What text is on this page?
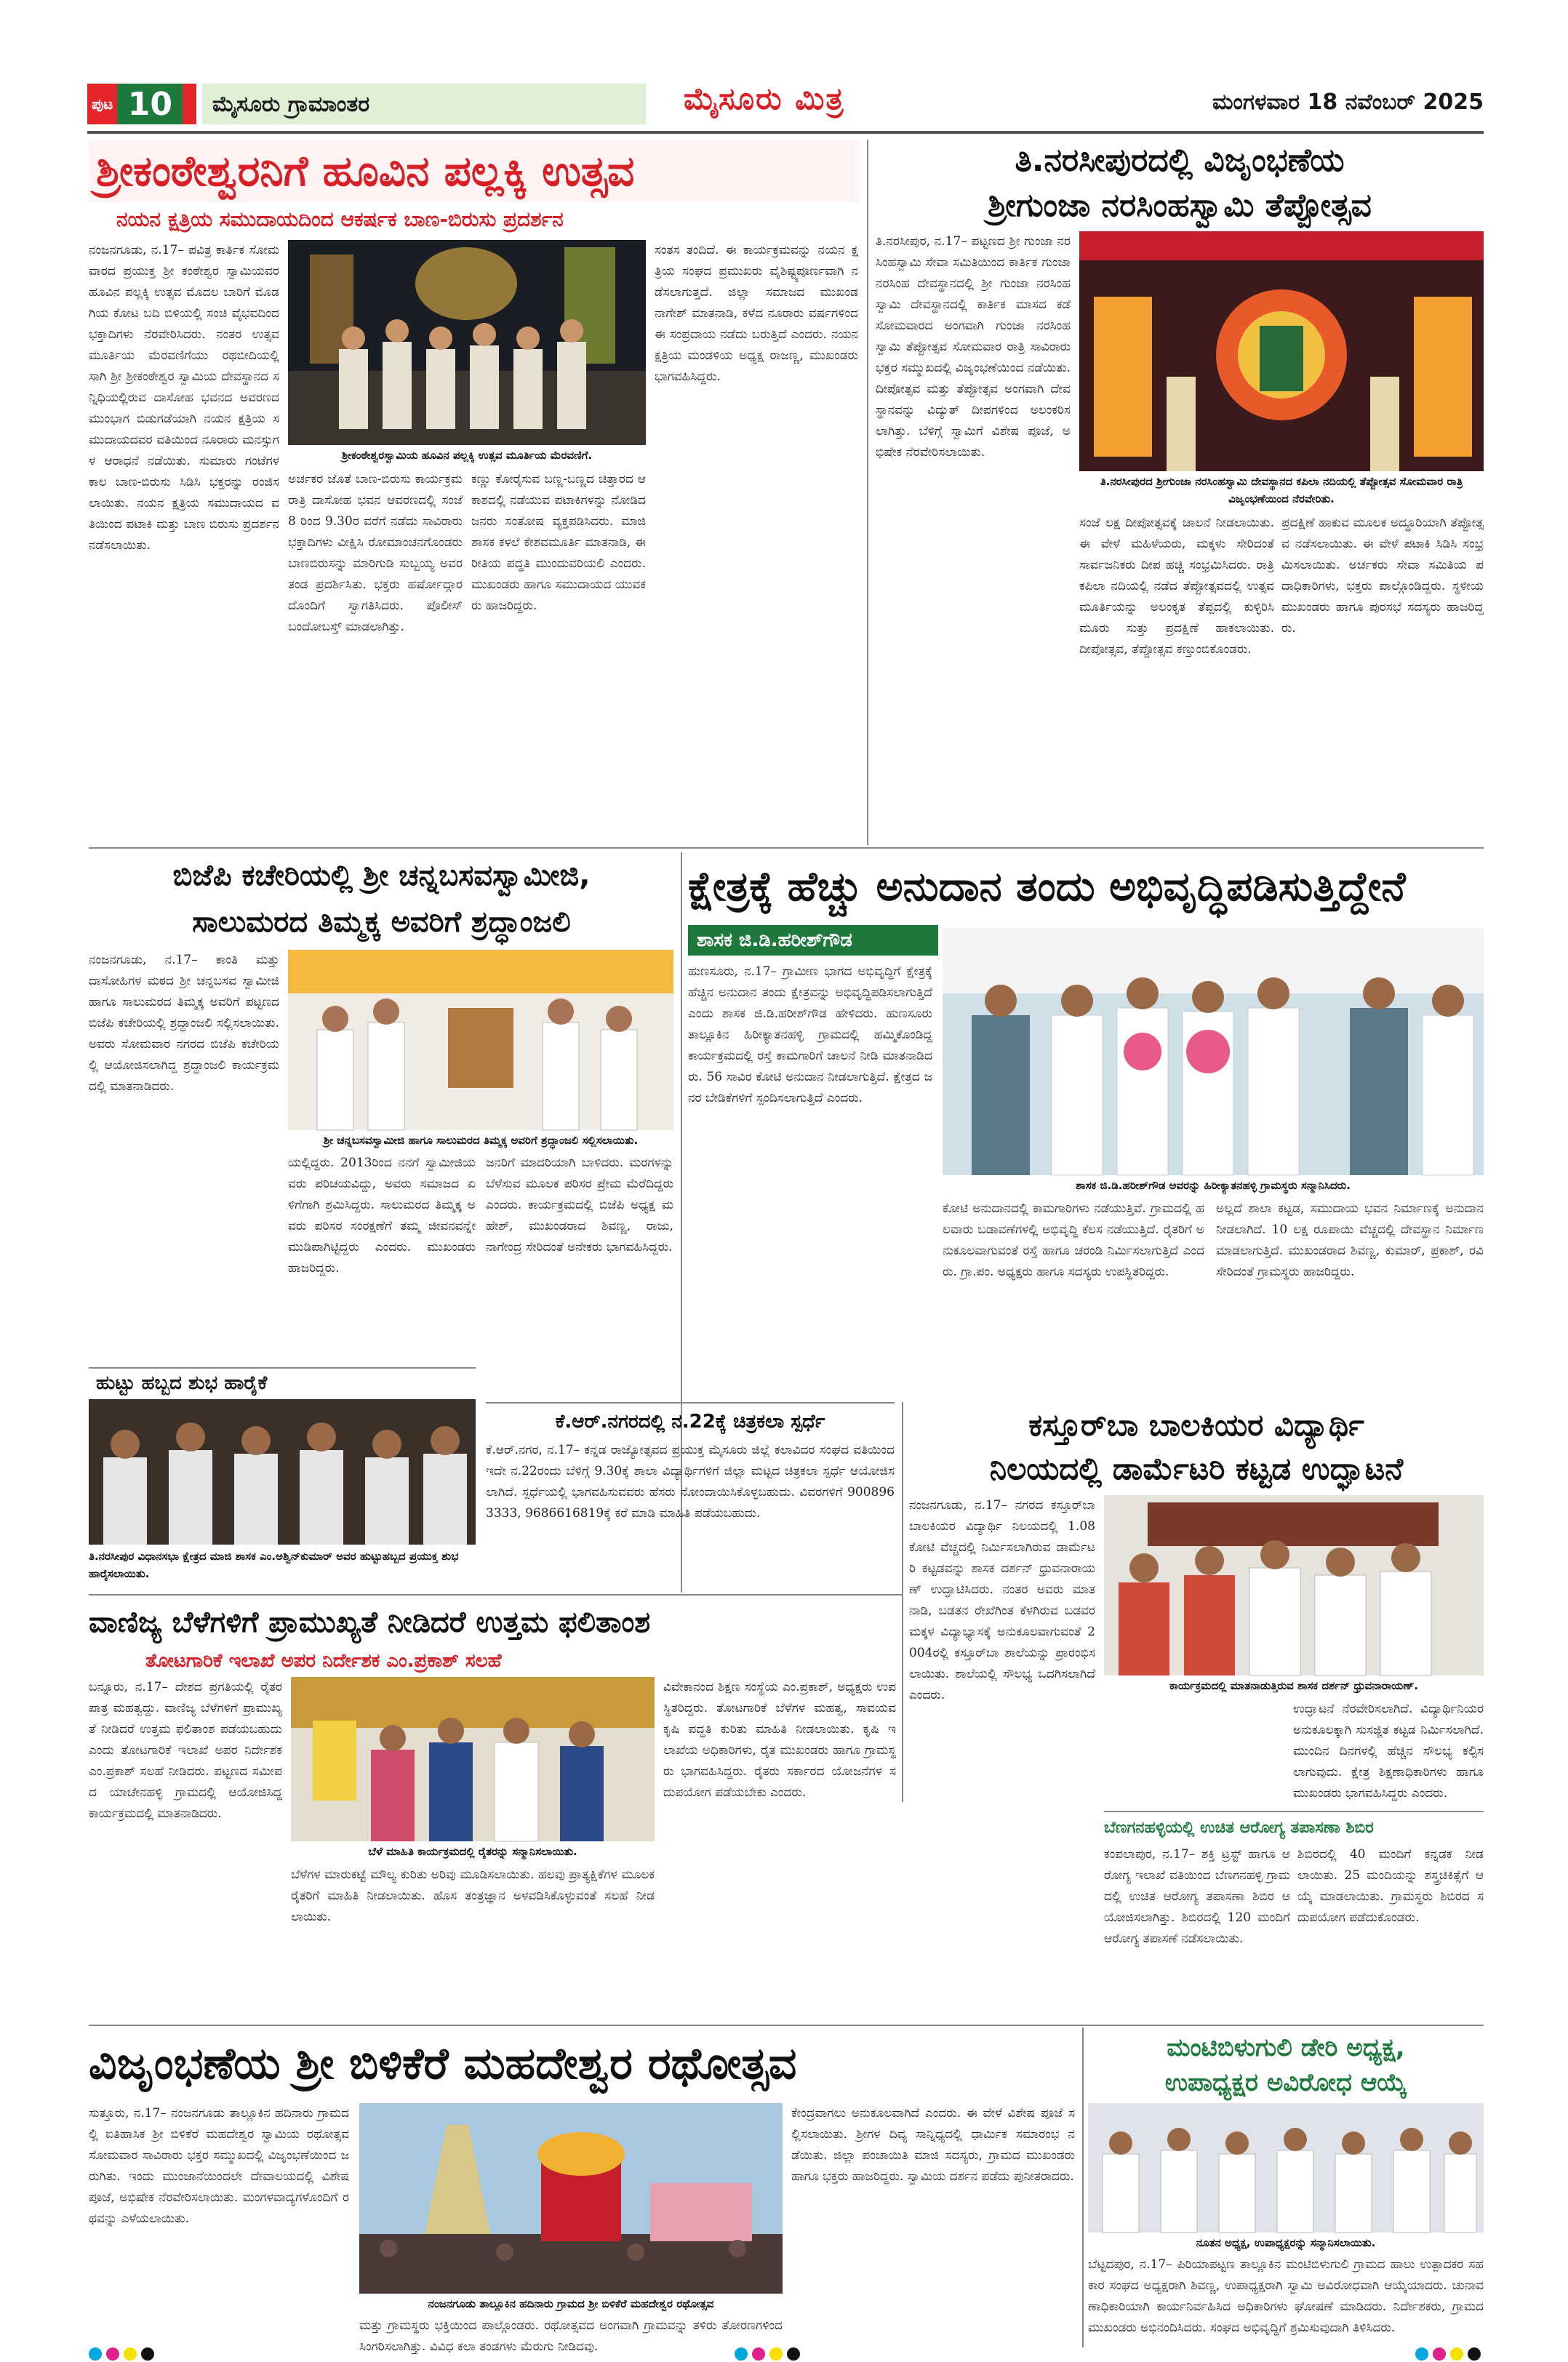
ಪುಟ 10	ಮೈಸೂರು ಗ್ರಾಮಾಂತರ	ಮೈಸೂರು ಮಿತ್ರ	ಮಂಗಳವಾರ 18 ನವೆಂಬರ್ 2025
ಶ್ರೀಕಂಠೇಶ್ವರನಿಗೆ ಹೂವಿನ ಪಲ್ಲಕ್ಕಿ ಉತ್ಸವ
ನಯನ ಕ್ಷತ್ರಿಯ ಸಮುದಾಯದಿಂದ ಆಕರ್ಷಕ ಬಾಣ-ಬಿರುಸು ಪ್ರದರ್ಶನ
ನಂಜನಗೂಡು, ನ.17– ಪವಿತ್ರ ಕಾರ್ತಿಕ ಸೋಮವಾರದ ಪ್ರಯುಕ್ತ ಶ್ರೀ ಕಂಠೇಶ್ವರ ಸ್ವಾಮಿಯವರ ಹೂವಿನ ಪಲ್ಲಕ್ಕಿ ಉತ್ಸವ ಮೊದಲ ಬಾರಿಗೆ ಮೊಡಗಿಯ ಕೋಟ ಬದಿ ಬಿಳಿಯಲ್ಲಿ ಸಂಚಿ ವೈಭವದಿಂದ ಭಕ್ತಾದಿಗಳು ನೆರವೇರಿಸಿದರು. ನಂತರ ಉತ್ಸವ ಮೂರ್ತಿಯ ಮೆರವಣಿಗೆಯು ರಥಬೀದಿಯಲ್ಲಿ ಸಾಗಿ ಶ್ರೀ ಶ್ರೀಕಂಠೇಶ್ವರ ಸ್ವಾಮಿಯ ದೇವಸ್ಥಾನದ ಸನ್ನಿಧಿಯಲ್ಲಿರುವ ದಾಸೋಹ ಭವನದ ಅವರಣದ ಮುಂಭಾಗ ಬಿಡುಗಡೆಯಾಗಿ ನಯನ ಕ್ಷತ್ರಿಯ ಸಮುದಾಯದವರ ವತಿಯಿಂದ ನೂರಾರು ಮನಸ್ಸುಗಳ ಆರಾಧನೆ ನಡೆಯಿತು. ಸುಮಾರು ಗಂಟೆಗಳ ಕಾಲ ಬಾಣ-ಬಿರುಸು ಸಿಡಿಸಿ ಭಕ್ತರನ್ನು ರಂಜಿಸಲಾಯಿತು. ನಯನ ಕ್ಷತ್ರಿಯ ಸಮುದಾಯದ ವತಿಯಿಂದ ಪಟಾಕಿ ಮತ್ತು ಬಾಣ ಬಿರುಸು ಪ್ರದರ್ಶನ ನಡೆಸಲಾಯಿತು.
ಶ್ರೀಕಂಠೇಶ್ವರಸ್ವಾಮಿಯ ಹೂವಿನ ಪಲ್ಲಕ್ಕಿ ಉತ್ಸವ ಮೂರ್ತಿಯ ಮೆರವಣಿಗೆ.
ಸಂತಸ ತಂದಿದೆ. ಈ ಕಾರ್ಯಕ್ರಮವನ್ನು ನಯನ ಕ್ಷತ್ರಿಯ ಸಂಘದ ಪ್ರಮುಖರು ವೈಶಿಷ್ಟ್ಯಪೂರ್ಣವಾಗಿ ನಡೆಸಲಾಗುತ್ತದೆ. ಜಿಲ್ಲಾ ಸಮಾಜದ ಮುಖಂಡ ನಾಗೇಶ್ ಮಾತನಾಡಿ, ಕಳೆದ ನೂರಾರು ವರ್ಷಗಳಿಂದ ಈ ಸಂಪ್ರದಾಯ ನಡೆದು ಬರುತ್ತಿದೆ ಎಂದರು. ನಯನ ಕ್ಷತ್ರಿಯ ಮಂಡಳಿಯ ಅಧ್ಯಕ್ಷ ರಾಜಣ್ಣ, ಮುಖಂಡರು ಭಾಗವಹಿಸಿದ್ದರು.
ಅರ್ಚಕರ ಜೊತೆ ಬಾಣ-ಬಿರುಸು ಕಾರ್ಯಕ್ರಮ ರಾತ್ರಿ ದಾಸೋಹ ಭವನ ಆವರಣದಲ್ಲಿ ಸಂಜೆ 8 ರಿಂದ 9.30ರ ವರೆಗೆ ನಡೆದು ಸಾವಿರಾರು ಭಕ್ತಾದಿಗಳು ವೀಕ್ಷಿಸಿ ರೋಮಾಂಚನಗೊಂಡರು ಬಾಣಬಿರುಸನ್ನು ಮಾರಿಗುಡಿ ಸುಬ್ಬಯ್ಯ ಅವರ ತಂಡ ಪ್ರದರ್ಶಿಸಿತು. ಭಕ್ತರು ಹರ್ಷೋದ್ಗಾರದೊಂದಿಗೆ ಸ್ವಾಗತಿಸಿದರು. ಪೊಲೀಸ್ ಬಂದೋಬಸ್ತ್ ಮಾಡಲಾಗಿತ್ತು.
ಕಣ್ಣು ಕೋರೈಸುವ ಬಣ್ಣ-ಬಣ್ಣದ ಚಿತ್ತಾರದ ಆಕಾಶದಲ್ಲಿ ನಡೆಯುವ ಪಟಾಕಿಗಳನ್ನು ನೋಡಿದ ಜನರು ಸಂತೋಷ ವ್ಯಕ್ತಪಡಿಸಿದರು. ಮಾಜಿ ಶಾಸಕ ಕಳಲೆ ಕೇಶವಮೂರ್ತಿ ಮಾತನಾಡಿ, ಈ ರೀತಿಯ ಪದ್ಧತಿ ಮುಂದುವರಿಯಲಿ ಎಂದರು. ಮುಖಂಡರು ಹಾಗೂ ಸಮುದಾಯದ ಯುವಕರು ಹಾಜರಿದ್ದರು.
ತಿ.ನರಸೀಪುರದಲ್ಲಿ ವಿಜೃಂಭಣೆಯ
ಶ್ರೀಗುಂಜಾ ನರಸಿಂಹಸ್ವಾಮಿ ತೆಪ್ಪೋತ್ಸವ
ತಿ.ನರಸೀಪುರ, ನ.17– ಪಟ್ಟಣದ ಶ್ರೀ ಗುಂಜಾ ನರಸಿಂಹಸ್ವಾಮಿ ಸೇವಾ ಸಮಿತಿಯಿಂದ ಕಾರ್ತಿಕ ಗುಂಜಾ ನರಸಿಂಹ ದೇವಸ್ಥಾನದಲ್ಲಿ ಶ್ರೀ ಗುಂಜಾ ನರಸಿಂಹಸ್ವಾಮಿ ದೇವಸ್ಥಾನದಲ್ಲಿ ಕಾರ್ತಿಕ ಮಾಸದ ಕಡೆ ಸೋಮವಾರದ ಅಂಗವಾಗಿ ಗುಂಜಾ ನರಸಿಂಹಸ್ವಾಮಿ ತೆಪ್ಪೋತ್ಸವ ಸೋಮವಾರ ರಾತ್ರಿ ಸಾವಿರಾರು ಭಕ್ತರ ಸಮ್ಮುಖದಲ್ಲಿ ವಿಜೃಂಭಣೆಯಿಂದ ನಡೆಯಿತು. ದೀಪೋತ್ಸವ ಮತ್ತು ತೆಪ್ಪೋತ್ಸವ ಅಂಗವಾಗಿ ದೇವಸ್ಥಾನವನ್ನು ವಿದ್ಯುತ್ ದೀಪಗಳಿಂದ ಅಲಂಕರಿಸಲಾಗಿತ್ತು. ಬೆಳಿಗ್ಗೆ ಸ್ವಾಮಿಗೆ ವಿಶೇಷ ಪೂಜೆ, ಅಭಿಷೇಕ ನೆರವೇರಿಸಲಾಯಿತು.
ತಿ.ನರಸೀಪುರದ ಶ್ರೀಗುಂಜಾ ನರಸಿಂಹಸ್ವಾಮಿ ದೇವಸ್ಥಾನದ ಕಪಿಲಾ ನದಿಯಲ್ಲಿ ತೆಪ್ಪೋತ್ಸವ ಸೋಮವಾರ ರಾತ್ರಿ ವಿಜೃಂಭಣೆಯಿಂದ ನೆರವೇರಿತು.
ಸಂಜೆ ಲಕ್ಷ ದೀಪೋತ್ಸವಕ್ಕೆ ಚಾಲನೆ ನೀಡಲಾಯಿತು. ಈ ವೇಳೆ ಮಹಿಳೆಯರು, ಮಕ್ಕಳು ಸೇರಿದಂತೆ ಸಾರ್ವಜನಿಕರು ದೀಪ ಹಚ್ಚಿ ಸಂಭ್ರಮಿಸಿದರು. ರಾತ್ರಿ ಕಪಿಲಾ ನದಿಯಲ್ಲಿ ನಡೆದ ತೆಪ್ಪೋತ್ಸವದಲ್ಲಿ ಉತ್ಸವ ಮೂರ್ತಿಯನ್ನು ಅಲಂಕೃತ ತೆಪ್ಪದಲ್ಲಿ ಕುಳ್ಳಿರಿಸಿ ಮೂರು ಸುತ್ತು ಪ್ರದಕ್ಷಿಣೆ ಹಾಕಲಾಯಿತು. ದೀಪೋತ್ಸವ, ತೆಪ್ಪೋತ್ಸವ ಕಣ್ತುಂಬಿಕೊಂಡರು.
ಪ್ರದಕ್ಷಿಣೆ ಹಾಕುವ ಮೂಲಕ ಅದ್ಧೂರಿಯಾಗಿ ತೆಪ್ಪೋತ್ಸವ ನಡೆಸಲಾಯಿತು. ಈ ವೇಳೆ ಪಟಾಕಿ ಸಿಡಿಸಿ ಸಂಭ್ರಮಿಸಲಾಯಿತು. ಅರ್ಚಕರು ಸೇವಾ ಸಮಿತಿಯ ಪದಾಧಿಕಾರಿಗಳು, ಭಕ್ತರು ಪಾಲ್ಗೊಂಡಿದ್ದರು. ಸ್ಥಳೀಯ ಮುಖಂಡರು ಹಾಗೂ ಪುರಸಭೆ ಸದಸ್ಯರು ಹಾಜರಿದ್ದರು.
ಬಿಜೆಪಿ ಕಚೇರಿಯಲ್ಲಿ ಶ್ರೀ ಚನ್ನಬಸವಸ್ವಾಮೀಜಿ,
ಸಾಲುಮರದ ತಿಮ್ಮಕ್ಕ ಅವರಿಗೆ ಶ್ರದ್ಧಾಂಜಲಿ
ನಂಜನಗೂಡು, ನ.17– ಕಾಂತಿ ಮತ್ತು ದಾಸೋಹಿಗಳ ಮಠದ ಶ್ರೀ ಚನ್ನಬಸವ ಸ್ವಾಮೀಜಿ ಹಾಗೂ ಸಾಲುಮರದ ತಿಮ್ಮಕ್ಕ ಅವರಿಗೆ ಪಟ್ಟಣದ ಬಿಜೆಪಿ ಕಚೇರಿಯಲ್ಲಿ ಶ್ರದ್ಧಾಂಜಲಿ ಸಲ್ಲಿಸಲಾಯಿತು. ಅವರು ಸೋಮವಾರ ನಗರದ ಬಿಜೆಪಿ ಕಚೇರಿಯಲ್ಲಿ ಆಯೋಜಿಸಲಾಗಿದ್ದ ಶ್ರದ್ಧಾಂಜಲಿ ಕಾರ್ಯಕ್ರಮದಲ್ಲಿ ಮಾತನಾಡಿದರು.
ಶ್ರೀ ಚನ್ನಬಸವಸ್ವಾಮೀಜಿ ಹಾಗೂ ಸಾಲುಮರದ ತಿಮ್ಮಕ್ಕ ಅವರಿಗೆ ಶ್ರದ್ಧಾಂಜಲಿ ಸಲ್ಲಿಸಲಾಯಿತು.
ಯಲ್ಲಿದ್ದರು. 2013ರಿಂದ ನನಗೆ ಸ್ವಾಮೀಜಿಯವರು ಪರಿಚಯವಿದ್ದು, ಅವರು ಸಮಾಜದ ಏಳಿಗೆಗಾಗಿ ಶ್ರಮಿಸಿದ್ದರು. ಸಾಲುಮರದ ತಿಮ್ಮಕ್ಕ ಅವರು ಪರಿಸರ ಸಂರಕ್ಷಣೆಗೆ ತಮ್ಮ ಜೀವನವನ್ನೇ ಮುಡಿಪಾಗಿಟ್ಟಿದ್ದರು ಎಂದರು. ಮುಖಂಡರು ಹಾಜರಿದ್ದರು.
ಜನರಿಗೆ ಮಾದರಿಯಾಗಿ ಬಾಳಿದರು. ಮರಗಳನ್ನು ಬೆಳೆಸುವ ಮೂಲಕ ಪರಿಸರ ಪ್ರೇಮ ಮೆರೆದಿದ್ದರು ಎಂದರು. ಕಾರ್ಯಕ್ರಮದಲ್ಲಿ ಬಿಜೆಪಿ ಅಧ್ಯಕ್ಷ ಮಹೇಶ್, ಮುಖಂಡರಾದ ಶಿವಣ್ಣ, ರಾಜು, ನಾಗೇಂದ್ರ ಸೇರಿದಂತೆ ಅನೇಕರು ಭಾಗವಹಿಸಿದ್ದರು.
ಹುಟ್ಟು ಹಬ್ಬದ ಶುಭ ಹಾರೈಕೆ
ತಿ.ನರಸೀಪುರ ವಿಧಾನಸಭಾ ಕ್ಷೇತ್ರದ ಮಾಜಿ ಶಾಸಕ ಎಂ.ಅಶ್ವಿನ್‌ಕುಮಾರ್ ಅವರ ಹುಟ್ಟುಹಬ್ಬದ ಪ್ರಯುಕ್ತ ಶುಭ ಹಾರೈಸಲಾಯಿತು.
ಕ್ಷೇತ್ರಕ್ಕೆ ಹೆಚ್ಚು ಅನುದಾನ ತಂದು ಅಭಿವೃದ್ಧಿಪಡಿಸುತ್ತಿದ್ದೇನೆ
ಶಾಸಕ ಜಿ.ಡಿ.ಹರೀಶ್‌ಗೌಡ
ಹುಣಸೂರು, ನ.17– ಗ್ರಾಮೀಣ ಭಾಗದ ಅಭಿವೃದ್ಧಿಗೆ ಕ್ಷೇತ್ರಕ್ಕೆ ಹೆಚ್ಚಿನ ಅನುದಾನ ತಂದು ಕ್ಷೇತ್ರವನ್ನು ಅಭಿವೃದ್ಧಿಪಡಿಸಲಾಗುತ್ತಿದೆ ಎಂದು ಶಾಸಕ ಜಿ.ಡಿ.ಹರೀಶ್‌ಗೌಡ ಹೇಳಿದರು. ಹುಣಸೂರು ತಾಲ್ಲೂಕಿನ ಹಿರೀಕ್ಯಾತನಹಳ್ಳಿ ಗ್ರಾಮದಲ್ಲಿ ಹಮ್ಮಿಕೊಂಡಿದ್ದ ಕಾರ್ಯಕ್ರಮದಲ್ಲಿ ರಸ್ತೆ ಕಾಮಗಾರಿಗೆ ಚಾಲನೆ ನೀಡಿ ಮಾತನಾಡಿದರು. 56 ಸಾವಿರ ಕೋಟಿ ಅನುದಾನ ನೀಡಲಾಗುತ್ತಿದೆ. ಕ್ಷೇತ್ರದ ಜನರ ಬೇಡಿಕೆಗಳಿಗೆ ಸ್ಪಂದಿಸಲಾಗುತ್ತಿದೆ ಎಂದರು.
ಶಾಸಕ ಜಿ.ಡಿ.ಹರೀಶ್‌ಗೌಡ ಅವರನ್ನು ಹಿರೀಕ್ಯಾತನಹಳ್ಳಿ ಗ್ರಾಮಸ್ಥರು ಸನ್ಮಾನಿಸಿದರು.
ಕೋಟಿ ಅನುದಾನದಲ್ಲಿ ಕಾಮಗಾರಿಗಳು ನಡೆಯುತ್ತಿವೆ. ಗ್ರಾಮದಲ್ಲಿ ಹಲವಾರು ಬಡಾವಣೆಗಳಲ್ಲಿ ಅಭಿವೃದ್ಧಿ ಕೆಲಸ ನಡೆಯುತ್ತಿದೆ. ರೈತರಿಗೆ ಅನುಕೂಲವಾಗುವಂತೆ ರಸ್ತೆ ಹಾಗೂ ಚರಂಡಿ ನಿರ್ಮಿಸಲಾಗುತ್ತಿದೆ ಎಂದರು. ಗ್ರಾ.ಪಂ. ಅಧ್ಯಕ್ಷರು ಹಾಗೂ ಸದಸ್ಯರು ಉಪಸ್ಥಿತರಿದ್ದರು.
ಅಲ್ಲದೆ ಶಾಲಾ ಕಟ್ಟಡ, ಸಮುದಾಯ ಭವನ ನಿರ್ಮಾಣಕ್ಕೆ ಅನುದಾನ ನೀಡಲಾಗಿದೆ. 10 ಲಕ್ಷ ರೂಪಾಯಿ ವೆಚ್ಚದಲ್ಲಿ ದೇವಸ್ಥಾನ ನಿರ್ಮಾಣ ಮಾಡಲಾಗುತ್ತಿದೆ. ಮುಖಂಡರಾದ ಶಿವಣ್ಣ, ಕುಮಾರ್, ಪ್ರಕಾಶ್, ರವಿ ಸೇರಿದಂತೆ ಗ್ರಾಮಸ್ಥರು ಹಾಜರಿದ್ದರು.
ಕೆ.ಆರ್.ನಗರದಲ್ಲಿ ನ.22ಕ್ಕೆ ಚಿತ್ರಕಲಾ ಸ್ಪರ್ಧೆ
ಕೆ.ಆರ್.ನಗರ, ನ.17– ಕನ್ನಡ ರಾಜ್ಯೋತ್ಸವದ ಪ್ರಯುಕ್ತ ಮೈಸೂರು ಜಿಲ್ಲೆ ಕಲಾವಿದರ ಸಂಘದ ವತಿಯಿಂದ ಇದೇ ನ.22ರಂದು ಬೆಳಿಗ್ಗೆ 9.30ಕ್ಕೆ ಶಾಲಾ ವಿದ್ಯಾರ್ಥಿಗಳಿಗೆ ಜಿಲ್ಲಾ ಮಟ್ಟದ ಚಿತ್ರಕಲಾ ಸ್ಪರ್ಧೆ ಆಯೋಜಿಸಲಾಗಿದೆ. ಸ್ಪರ್ಧೆಯಲ್ಲಿ ಭಾಗವಹಿಸುವವರು ಹೆಸರು ನೋಂದಾಯಿಸಿಕೊಳ್ಳಬಹುದು. ವಿವರಗಳಿಗೆ 9008963333, 9686616819ಕ್ಕೆ ಕರೆ ಮಾಡಿ ಮಾಹಿತಿ ಪಡೆಯಬಹುದು.
ಕಸ್ತೂರ್‌ಬಾ ಬಾಲಕಿಯರ ವಿದ್ಯಾರ್ಥಿ
ನಿಲಯದಲ್ಲಿ ಡಾರ್ಮೆಟರಿ ಕಟ್ಟಡ ಉದ್ಘಾಟನೆ
ನಂಜನಗೂಡು, ನ.17– ನಗರದ ಕಸ್ತೂರ್‌ಬಾ ಬಾಲಕಿಯರ ವಿದ್ಯಾರ್ಥಿ ನಿಲಯದಲ್ಲಿ 1.08 ಕೋಟಿ ವೆಚ್ಚದಲ್ಲಿ ನಿರ್ಮಿಸಲಾಗಿರುವ ಡಾರ್ಮೆಟರಿ ಕಟ್ಟಡವನ್ನು ಶಾಸಕ ದರ್ಶನ್ ಧ್ರುವನಾರಾಯಣ್ ಉದ್ಘಾಟಿಸಿದರು. ನಂತರ ಅವರು ಮಾತನಾಡಿ, ಬಡತನ ರೇಖೆಗಿಂತ ಕೆಳಗಿರುವ ಬಡವರ ಮಕ್ಕಳ ವಿದ್ಯಾಭ್ಯಾಸಕ್ಕೆ ಅನುಕೂಲವಾಗುವಂತೆ 2004ರಲ್ಲಿ ಕಸ್ತೂರ್‌ಬಾ ಶಾಲೆಯನ್ನು ಪ್ರಾರಂಭಿಸಲಾಯಿತು. ಶಾಲೆಯಲ್ಲಿ ಸೌಲಭ್ಯ ಒದಗಿಸಲಾಗಿದೆ ಎಂದರು.
ಕಾರ್ಯಕ್ರಮದಲ್ಲಿ ಮಾತನಾಡುತ್ತಿರುವ ಶಾಸಕ ದರ್ಶನ್ ಧ್ರುವನಾರಾಯಣ್.
ಉದ್ಘಾಟನೆ ನೆರವೇರಿಸಲಾಗಿದೆ. ವಿದ್ಯಾರ್ಥಿನಿಯರ ಅನುಕೂಲಕ್ಕಾಗಿ ಸುಸಜ್ಜಿತ ಕಟ್ಟಡ ನಿರ್ಮಿಸಲಾಗಿದೆ. ಮುಂದಿನ ದಿನಗಳಲ್ಲಿ ಹೆಚ್ಚಿನ ಸೌಲಭ್ಯ ಕಲ್ಪಿಸಲಾಗುವುದು. ಕ್ಷೇತ್ರ ಶಿಕ್ಷಣಾಧಿಕಾರಿಗಳು ಹಾಗೂ ಮುಖಂಡರು ಭಾಗವಹಿಸಿದ್ದರು ಎಂದರು.
ಬೆಣಗನಹಳ್ಳಿಯಲ್ಲಿ ಉಚಿತ ಆರೋಗ್ಯ ತಪಾಸಣಾ ಶಿಬಿರ
ಕಂಪಲಾಪುರ, ನ.17– ಶಕ್ತಿ ಟ್ರಸ್ಟ್ ಹಾಗೂ ಆರೋಗ್ಯ ಇಲಾಖೆ ವತಿಯಿಂದ ಬೆಣಗನಹಳ್ಳಿ ಗ್ರಾಮದಲ್ಲಿ ಉಚಿತ ಆರೋಗ್ಯ ತಪಾಸಣಾ ಶಿಬಿರ ಆಯೋಜಿಸಲಾಗಿತ್ತು. ಶಿಬಿರದಲ್ಲಿ 120 ಮಂದಿಗೆ ಆರೋಗ್ಯ ತಪಾಸಣೆ ನಡೆಸಲಾಯಿತು.
ಶಿಬಿರದಲ್ಲಿ 40 ಮಂದಿಗೆ ಕನ್ನಡಕ ನೀಡಲಾಯಿತು. 25 ಮಂದಿಯನ್ನು ಶಸ್ತ್ರಚಿಕಿತ್ಸೆಗೆ ಆಯ್ಕೆ ಮಾಡಲಾಯಿತು. ಗ್ರಾಮಸ್ಥರು ಶಿಬಿರದ ಸದುಪಯೋಗ ಪಡೆದುಕೊಂಡರು.
ವಾಣಿಜ್ಯ ಬೆಳೆಗಳಿಗೆ ಪ್ರಾಮುಖ್ಯತೆ ನೀಡಿದರೆ ಉತ್ತಮ ಫಲಿತಾಂಶ
ತೋಟಗಾರಿಕೆ ಇಲಾಖೆ ಅಪರ ನಿರ್ದೇಶಕ ಎಂ.ಪ್ರಕಾಶ್ ಸಲಹೆ
ಬನ್ನೂರು, ನ.17– ದೇಶದ ಪ್ರಗತಿಯಲ್ಲಿ ರೈತರ ಪಾತ್ರ ಮಹತ್ವದ್ದು. ವಾಣಿಜ್ಯ ಬೆಳೆಗಳಿಗೆ ಪ್ರಾಮುಖ್ಯತೆ ನೀಡಿದರೆ ಉತ್ತಮ ಫಲಿತಾಂಶ ಪಡೆಯಬಹುದು ಎಂದು ತೋಟಗಾರಿಕೆ ಇಲಾಖೆ ಅಪರ ನಿರ್ದೇಶಕ ಎಂ.ಪ್ರಕಾಶ್ ಸಲಹೆ ನೀಡಿದರು. ಪಟ್ಟಣದ ಸಮೀಪದ ಯಾಚೇನಹಳ್ಳಿ ಗ್ರಾಮದಲ್ಲಿ ಆಯೋಜಿಸಿದ್ದ ಕಾರ್ಯಕ್ರಮದಲ್ಲಿ ಮಾತನಾಡಿದರು.
ಬೆಳೆ ಮಾಹಿತಿ ಕಾರ್ಯಕ್ರಮದಲ್ಲಿ ರೈತರನ್ನು ಸನ್ಮಾನಿಸಲಾಯಿತು.
ಬೆಳೆಗಳ ಮಾರುಕಟ್ಟೆ ಮೌಲ್ಯ ಕುರಿತು ಅರಿವು ಮೂಡಿಸಲಾಯಿತು. ಹಲವು ಪ್ರಾತ್ಯಕ್ಷಿಕೆಗಳ ಮೂಲಕ ರೈತರಿಗೆ ಮಾಹಿತಿ ನೀಡಲಾಯಿತು. ಹೊಸ ತಂತ್ರಜ್ಞಾನ ಅಳವಡಿಸಿಕೊಳ್ಳುವಂತೆ ಸಲಹೆ ನೀಡಲಾಯಿತು.
ವಿವೇಕಾನಂದ ಶಿಕ್ಷಣ ಸಂಸ್ಥೆಯ ಎಂ.ಪ್ರಕಾಶ್, ಅಧ್ಯಕ್ಷರು ಉಪಸ್ಥಿತರಿದ್ದರು. ತೋಟಗಾರಿಕೆ ಬೆಳೆಗಳ ಮಹತ್ವ, ಸಾವಯವ ಕೃಷಿ ಪದ್ಧತಿ ಕುರಿತು ಮಾಹಿತಿ ನೀಡಲಾಯಿತು. ಕೃಷಿ ಇಲಾಖೆಯ ಅಧಿಕಾರಿಗಳು, ರೈತ ಮುಖಂಡರು ಹಾಗೂ ಗ್ರಾಮಸ್ಥರು ಭಾಗವಹಿಸಿದ್ದರು. ರೈತರು ಸರ್ಕಾರದ ಯೋಜನೆಗಳ ಸದುಪಯೋಗ ಪಡೆಯಬೇಕು ಎಂದರು.
ವಿಜೃಂಭಣೆಯ ಶ್ರೀ ಬಿಳಿಕೆರೆ ಮಹದೇಶ್ವರ ರಥೋತ್ಸವ
ಸುತ್ತೂರು, ನ.17– ನಂಜನಗೂಡು ತಾಲ್ಲೂಕಿನ ಹದಿನಾರು ಗ್ರಾಮದಲ್ಲಿ ಐತಿಹಾಸಿಕ ಶ್ರೀ ಬಿಳಿಕೆರೆ ಮಹದೇಶ್ವರ ಸ್ವಾಮಿಯ ರಥೋತ್ಸವ ಸೋಮವಾರ ಸಾವಿರಾರು ಭಕ್ತರ ಸಮ್ಮುಖದಲ್ಲಿ ವಿಜೃಂಭಣೆಯಿಂದ ಜರುಗಿತು. ಇಂದು ಮುಂಜಾನೆಯಿಂದಲೇ ದೇವಾಲಯದಲ್ಲಿ ವಿಶೇಷ ಪೂಜೆ, ಅಭಿಷೇಕ ನೆರವೇರಿಸಲಾಯಿತು. ಮಂಗಳವಾದ್ಯಗಳೊಂದಿಗೆ ರಥವನ್ನು ಎಳೆಯಲಾಯಿತು.
ನಂಜನಗೂಡು ತಾಲ್ಲೂಕಿನ ಹದಿನಾರು ಗ್ರಾಮದ ಶ್ರೀ ಬಿಳಿಕೆರೆ ಮಹದೇಶ್ವರ ರಥೋತ್ಸವ
ಮತ್ತು ಗ್ರಾಮಸ್ಥರು ಭಕ್ತಿಯಿಂದ ಪಾಲ್ಗೊಂಡರು. ರಥೋತ್ಸವದ ಅಂಗವಾಗಿ ಗ್ರಾಮವನ್ನು ತಳಿರು ತೋರಣಗಳಿಂದ ಸಿಂಗರಿಸಲಾಗಿತ್ತು. ವಿವಿಧ ಕಲಾ ತಂಡಗಳು ಮೆರುಗು ನೀಡಿದವು.
ಕೇಂದ್ರವಾಗಲು ಅನುಕೂಲವಾಗಿದೆ ಎಂದರು. ಈ ವೇಳೆ ವಿಶೇಷ ಪೂಜೆ ಸಲ್ಲಿಸಲಾಯಿತು. ಶ್ರೀಗಳ ದಿವ್ಯ ಸಾನ್ನಿಧ್ಯದಲ್ಲಿ ಧಾರ್ಮಿಕ ಸಮಾರಂಭ ನಡೆಯಿತು. ಜಿಲ್ಲಾ ಪಂಚಾಯಿತಿ ಮಾಜಿ ಸದಸ್ಯರು, ಗ್ರಾಮದ ಮುಖಂಡರು ಹಾಗೂ ಭಕ್ತರು ಹಾಜರಿದ್ದರು. ಸ್ವಾಮಿಯ ದರ್ಶನ ಪಡೆದು ಪುನೀತರಾದರು.
ಮಂಟಿಬಿಳುಗುಲಿ ಡೇರಿ ಅಧ್ಯಕ್ಷ,
ಉಪಾಧ್ಯಕ್ಷರ ಅವಿರೋಧ ಆಯ್ಕೆ
ನೂತನ ಅಧ್ಯಕ್ಷ, ಉಪಾಧ್ಯಕ್ಷರನ್ನು ಸನ್ಮಾನಿಸಲಾಯಿತು.
ಬೆಟ್ಟದಪುರ, ನ.17– ಪಿರಿಯಾಪಟ್ಟಣ ತಾಲ್ಲೂಕಿನ ಮಂಟಿಬಿಳುಗುಲಿ ಗ್ರಾಮದ ಹಾಲು ಉತ್ಪಾದಕರ ಸಹಕಾರ ಸಂಘದ ಅಧ್ಯಕ್ಷರಾಗಿ ಶಿವಣ್ಣ, ಉಪಾಧ್ಯಕ್ಷರಾಗಿ ಸ್ವಾಮಿ ಅವಿರೋಧವಾಗಿ ಆಯ್ಕೆಯಾದರು. ಚುನಾವಣಾಧಿಕಾರಿಯಾಗಿ ಕಾರ್ಯನಿರ್ವಹಿಸಿದ ಅಧಿಕಾರಿಗಳು ಘೋಷಣೆ ಮಾಡಿದರು. ನಿರ್ದೇಶಕರು, ಗ್ರಾಮದ ಮುಖಂಡರು ಅಭಿನಂದಿಸಿದರು. ಸಂಘದ ಅಭಿವೃದ್ಧಿಗೆ ಶ್ರಮಿಸುವುದಾಗಿ ತಿಳಿಸಿದರು.
